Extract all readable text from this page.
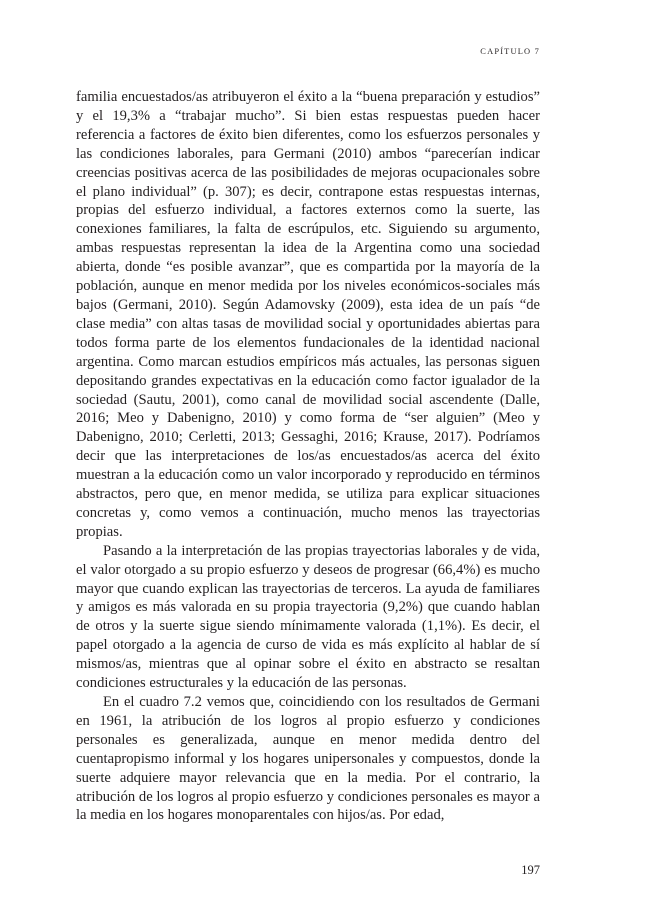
CAPÍTULO 7

familia encuestados/as atribuyeron el éxito a la “buena preparación y estudios” y el 19,3% a “trabajar mucho”. Si bien estas respuestas pueden hacer referencia a factores de éxito bien diferentes, como los esfuerzos personales y las condiciones laborales, para Germani (2010) ambos “parecerían indicar creencias positivas acerca de las posibilidades de mejoras ocupacionales sobre el plano individual” (p. 307); es decir, contrapone estas respuestas internas, propias del esfuerzo individual, a factores externos como la suerte, las conexiones familiares, la falta de escrúpulos, etc. Siguiendo su argumento, ambas respuestas representan la idea de la Argentina como una sociedad abierta, donde “es posible avanzar”, que es compartida por la mayoría de la población, aunque en menor medida por los niveles económicos-sociales más bajos (Germani, 2010). Según Adamovsky (2009), esta idea de un país “de clase media” con altas tasas de movilidad social y oportunidades abiertas para todos forma parte de los elementos fundacionales de la identidad nacional argentina. Como marcan estudios empíricos más actuales, las personas siguen depositando grandes expectativas en la educación como factor igualador de la sociedad (Sautu, 2001), como canal de movilidad social ascendente (Dalle, 2016; Meo y Dabenigno, 2010) y como forma de “ser alguien” (Meo y Dabenigno, 2010; Cerletti, 2013; Gessaghi, 2016; Krause, 2017). Podríamos decir que las interpretaciones de los/as encuestados/as acerca del éxito muestran a la educación como un valor incorporado y reproducido en términos abstractos, pero que, en menor medida, se utiliza para explicar situaciones concretas y, como vemos a continuación, mucho menos las trayectorias propias.

Pasando a la interpretación de las propias trayectorias laborales y de vida, el valor otorgado a su propio esfuerzo y deseos de progresar (66,4%) es mucho mayor que cuando explican las trayectorias de terceros. La ayuda de familiares y amigos es más valorada en su propia trayectoria (9,2%) que cuando hablan de otros y la suerte sigue siendo mínimamente valorada (1,1%). Es decir, el papel otorgado a la agencia de curso de vida es más explícito al hablar de sí mismos/as, mientras que al opinar sobre el éxito en abstracto se resaltan condiciones estructurales y la educación de las personas.

En el cuadro 7.2 vemos que, coincidiendo con los resultados de Germani en 1961, la atribución de los logros al propio esfuerzo y condiciones personales es generalizada, aunque en menor medida dentro del cuentapropismo informal y los hogares unipersonales y compuestos, donde la suerte adquiere mayor relevancia que en la media. Por el contrario, la atribución de los logros al propio esfuerzo y condiciones personales es mayor a la media en los hogares monoparentales con hijos/as. Por edad,

197
